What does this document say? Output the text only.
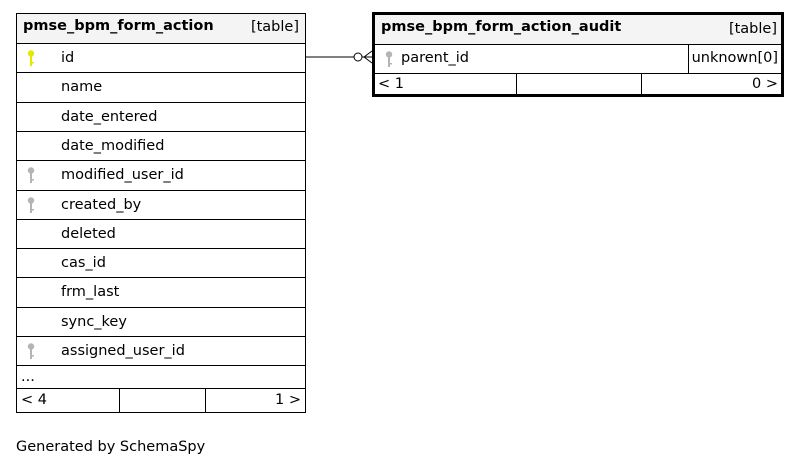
pmse_bpm_form_action	[table]
id
name
date_entered
date_modified
modified_user_id
created_by
deleted
cas_id
frm_last
sync_key
assigned_user_id
...
< 4	1 >
pmse_bpm_form_action_audit	[table]
parent_id	unknown[0]
< 1	0 >
Generated by SchemaSpy
